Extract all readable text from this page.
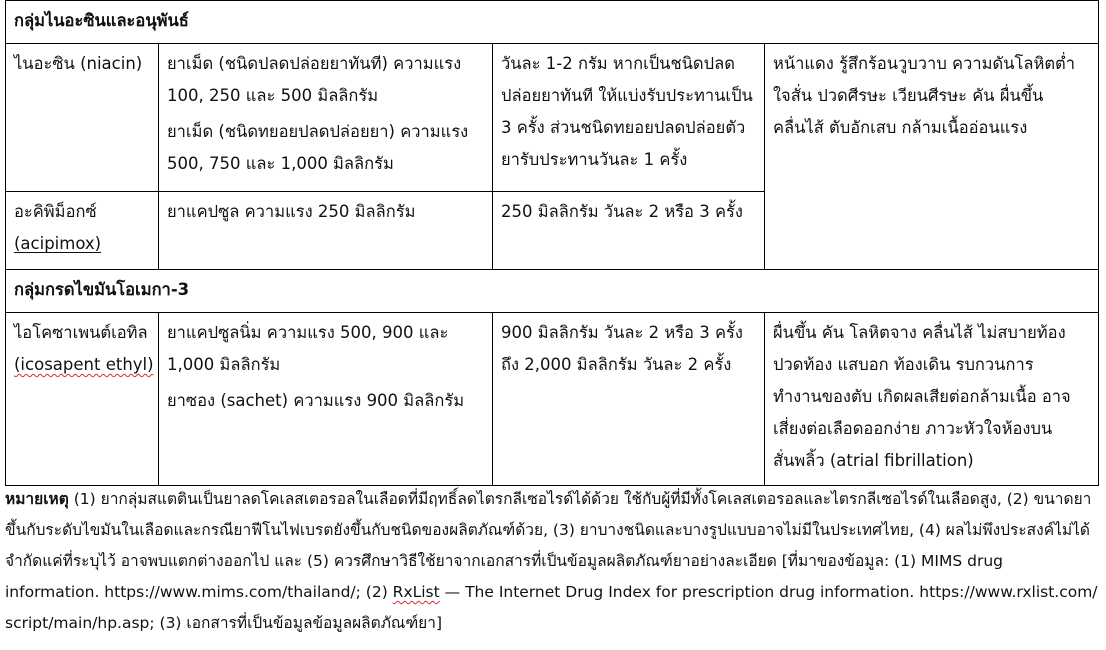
กลุ่มไนอะซินและอนุพันธ์			

ไนอะซิน (niacin)	ยาเม็ด (ชนิดปลดปล่อยยาทันที) ความแรง
100, 250 และ 500 มิลลิกรัม
ยาเม็ด (ชนิดทยอยปลดปล่อยยา) ความแรง
500, 750 และ 1,000 มิลลิกรัม	วันละ 1-2 กรัม หากเป็นชนิดปลด
ปล่อยยาทันที ให้แบ่งรับประทานเป็น
3 ครั้ง ส่วนชนิดทยอยปลดปล่อยตัว
ยารับประทานวันละ 1 ครั้ง	หน้าแดง รู้สึกร้อนวูบวาบ ความดันโลหิตต่ำ
ใจสั่น ปวดศีรษะ เวียนศีรษะ คัน ผื่นขึ้น
คลื่นไส้ ตับอักเสบ กล้ามเนื้ออ่อนแรง

อะคิพิม็อกซ์
(acipimox)	ยาแคปซูล ความแรง 250 มิลลิกรัม	250 มิลลิกรัม วันละ 2 หรือ 3 ครั้ง	

กลุ่มกรดไขมันโอเมกา-3			

ไอโคซาเพนต์เอทิล
(icosapent ethyl)	ยาแคปซูลนิ่ม ความแรง 500, 900 และ
1,000 มิลลิกรัม
ยาซอง (sachet) ความแรง 900 มิลลิกรัม	900 มิลลิกรัม วันละ 2 หรือ 3 ครั้ง
ถึง 2,000 มิลลิกรัม วันละ 2 ครั้ง	ผื่นขึ้น คัน โลหิตจาง คลื่นไส้ ไม่สบายท้อง
ปวดท้อง แสบอก ท้องเดิน รบกวนการ
ทำงานของตับ เกิดผลเสียต่อกล้ามเนื้อ อาจ
เสี่ยงต่อเลือดออกง่าย ภาวะหัวใจห้องบน
สั่นพลิ้ว (atrial fibrillation)
หมายเหตุ (1) ยากลุ่มสแตตินเป็นยาลดโคเลสเตอรอลในเลือดที่มีฤทธิ์ลดไตรกลีเซอไรด์ได้ด้วย ใช้กับผู้ที่มีทั้งโคเลสเตอรอลและไตรกลีเซอไรด์ในเลือดสูง, (2) ขนาดยา
ขึ้นกับระดับไขมันในเลือดและกรณียาฟีโนไฟเบรตยังขึ้นกับชนิดของผลิตภัณฑ์ด้วย, (3) ยาบางชนิดและบางรูปแบบอาจไม่มีในประเทศไทย, (4) ผลไม่พึงประสงค์ไม่ได้
จำกัดแค่ที่ระบุไว้ อาจพบแตกต่างออกไป และ (5) ควรศึกษาวิธีใช้ยาจากเอกสารที่เป็นข้อมูลผลิตภัณฑ์ยาอย่างละเอียด [ที่มาของข้อมูล: (1) MIMS drug
information. https://www.mims.com/thailand/; (2) RxList — The Internet Drug Index for prescription drug information. https://www.rxlist.com/
script/main/hp.asp; (3) เอกสารที่เป็นข้อมูลข้อมูลผลิตภัณฑ์ยา]
